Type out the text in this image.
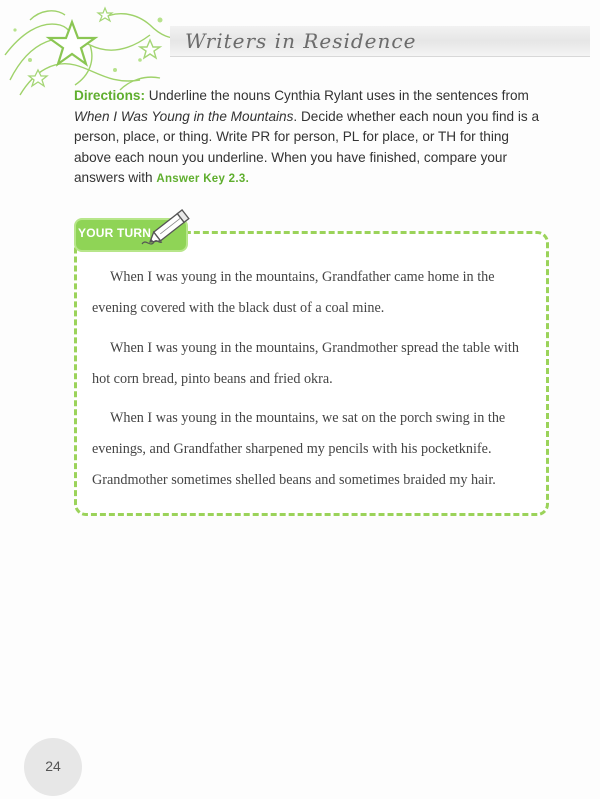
Writers in Residence
Directions: Underline the nouns Cynthia Rylant uses in the sentences from When I Was Young in the Mountains. Decide whether each noun you find is a person, place, or thing. Write PR for person, PL for place, or TH for thing above each noun you underline. When you have finished, compare your answers with Answer Key 2.3.
YOUR TURN

When I was young in the mountains, Grandfather came home in the evening covered with the black dust of a coal mine.

When I was young in the mountains, Grandmother spread the table with hot corn bread, pinto beans and fried okra.

When I was young in the mountains, we sat on the porch swing in the evenings, and Grandfather sharpened my pencils with his pocketknife. Grandmother sometimes shelled beans and sometimes braided my hair.

24
